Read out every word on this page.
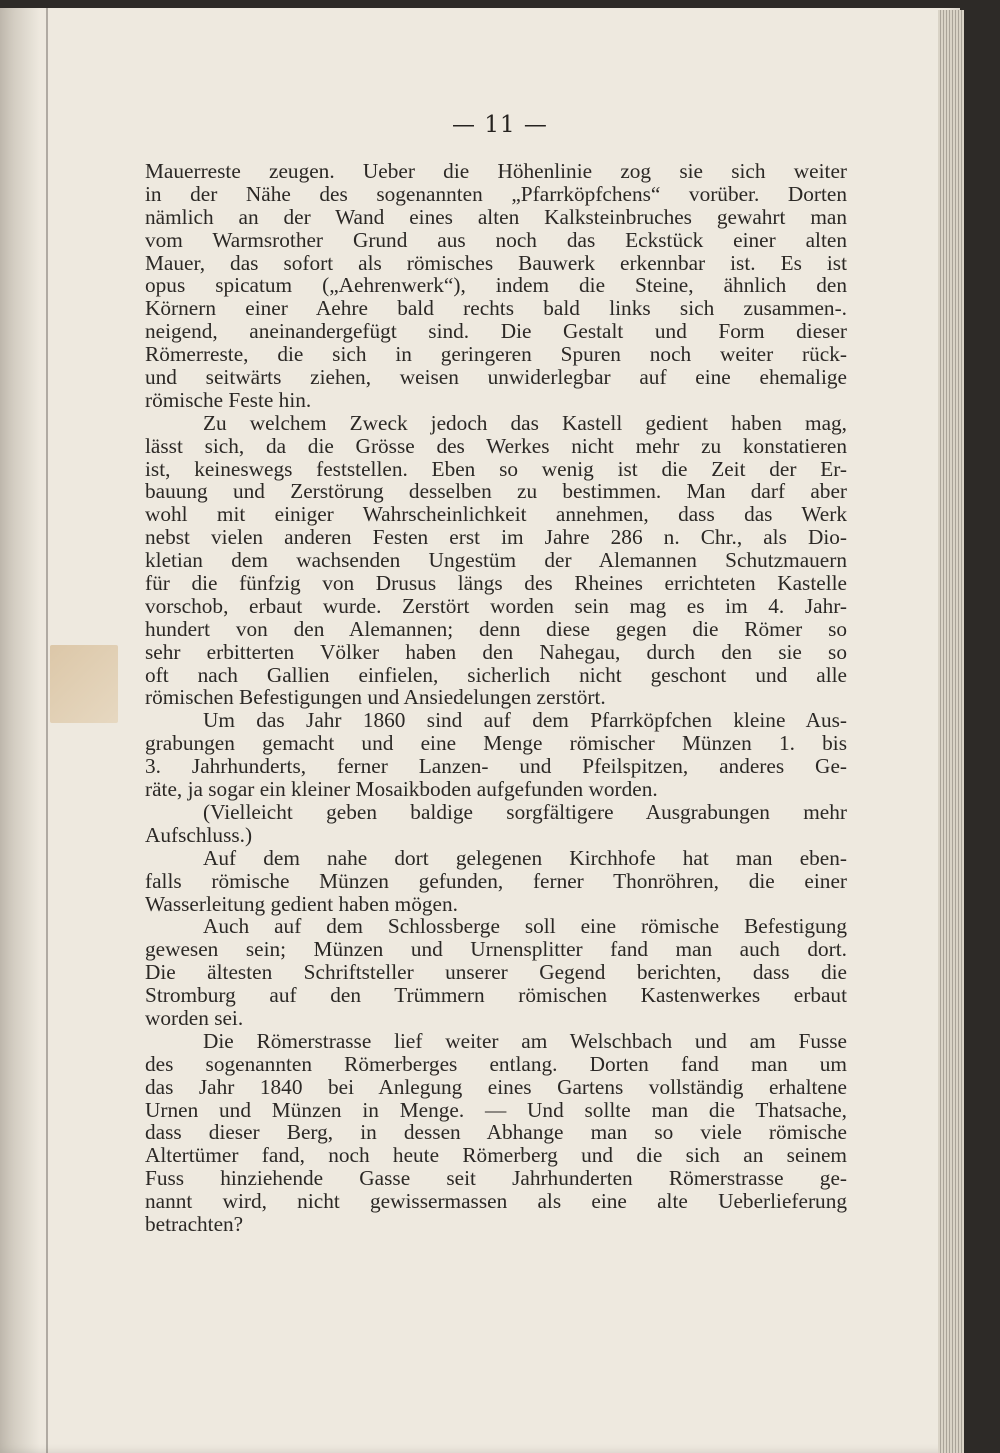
— 11 —
Mauerreste zeugen. Ueber die Höhenlinie zog sie sich weiter
in der Nähe des sogenannten „Pfarrköpfchens“ vorüber. Dorten
nämlich an der Wand eines alten Kalksteinbruches gewahrt man
vom Warmsrother Grund aus noch das Eckstück einer alten
Mauer, das sofort als römisches Bauwerk erkennbar ist. Es ist
opus spicatum („Aehrenwerk“), indem die Steine, ähnlich den
Körnern einer Aehre bald rechts bald links sich zusammen-.
neigend, aneinandergefügt sind. Die Gestalt und Form dieser
Römerreste, die sich in geringeren Spuren noch weiter rück-
und seitwärts ziehen, weisen unwiderlegbar auf eine ehemalige
römische Feste hin.
Zu welchem Zweck jedoch das Kastell gedient haben mag,
lässt sich, da die Grösse des Werkes nicht mehr zu konstatieren
ist, keineswegs feststellen. Eben so wenig ist die Zeit der Er-
bauung und Zerstörung desselben zu bestimmen. Man darf aber
wohl mit einiger Wahrscheinlichkeit annehmen, dass das Werk
nebst vielen anderen Festen erst im Jahre 286 n. Chr., als Dio-
kletian dem wachsenden Ungestüm der Alemannen Schutzmauern
für die fünfzig von Drusus längs des Rheines errichteten Kastelle
vorschob, erbaut wurde. Zerstört worden sein mag es im 4. Jahr-
hundert von den Alemannen; denn diese gegen die Römer so
sehr erbitterten Völker haben den Nahegau, durch den sie so
oft nach Gallien einfielen, sicherlich nicht geschont und alle
römischen Befestigungen und Ansiedelungen zerstört.
Um das Jahr 1860 sind auf dem Pfarrköpfchen kleine Aus-
grabungen gemacht und eine Menge römischer Münzen 1. bis
3. Jahrhunderts, ferner Lanzen- und Pfeilspitzen, anderes Ge-
räte, ja sogar ein kleiner Mosaikboden aufgefunden worden.
(Vielleicht geben baldige sorgfältigere Ausgrabungen mehr
Aufschluss.)
Auf dem nahe dort gelegenen Kirchhofe hat man eben-
falls römische Münzen gefunden, ferner Thonröhren, die einer
Wasserleitung gedient haben mögen.
Auch auf dem Schlossberge soll eine römische Befestigung
gewesen sein; Münzen und Urnensplitter fand man auch dort.
Die ältesten Schriftsteller unserer Gegend berichten, dass die
Stromburg auf den Trümmern römischen Kastenwerkes erbaut
worden sei.
Die Römerstrasse lief weiter am Welschbach und am Fusse
des sogenannten Römerberges entlang. Dorten fand man um
das Jahr 1840 bei Anlegung eines Gartens vollständig erhaltene
Urnen und Münzen in Menge. — Und sollte man die Thatsache,
dass dieser Berg, in dessen Abhange man so viele römische
Altertümer fand, noch heute Römerberg und die sich an seinem
Fuss hinziehende Gasse seit Jahrhunderten Römerstrasse ge-
nannt wird, nicht gewissermassen als eine alte Ueberlieferung
betrachten?
